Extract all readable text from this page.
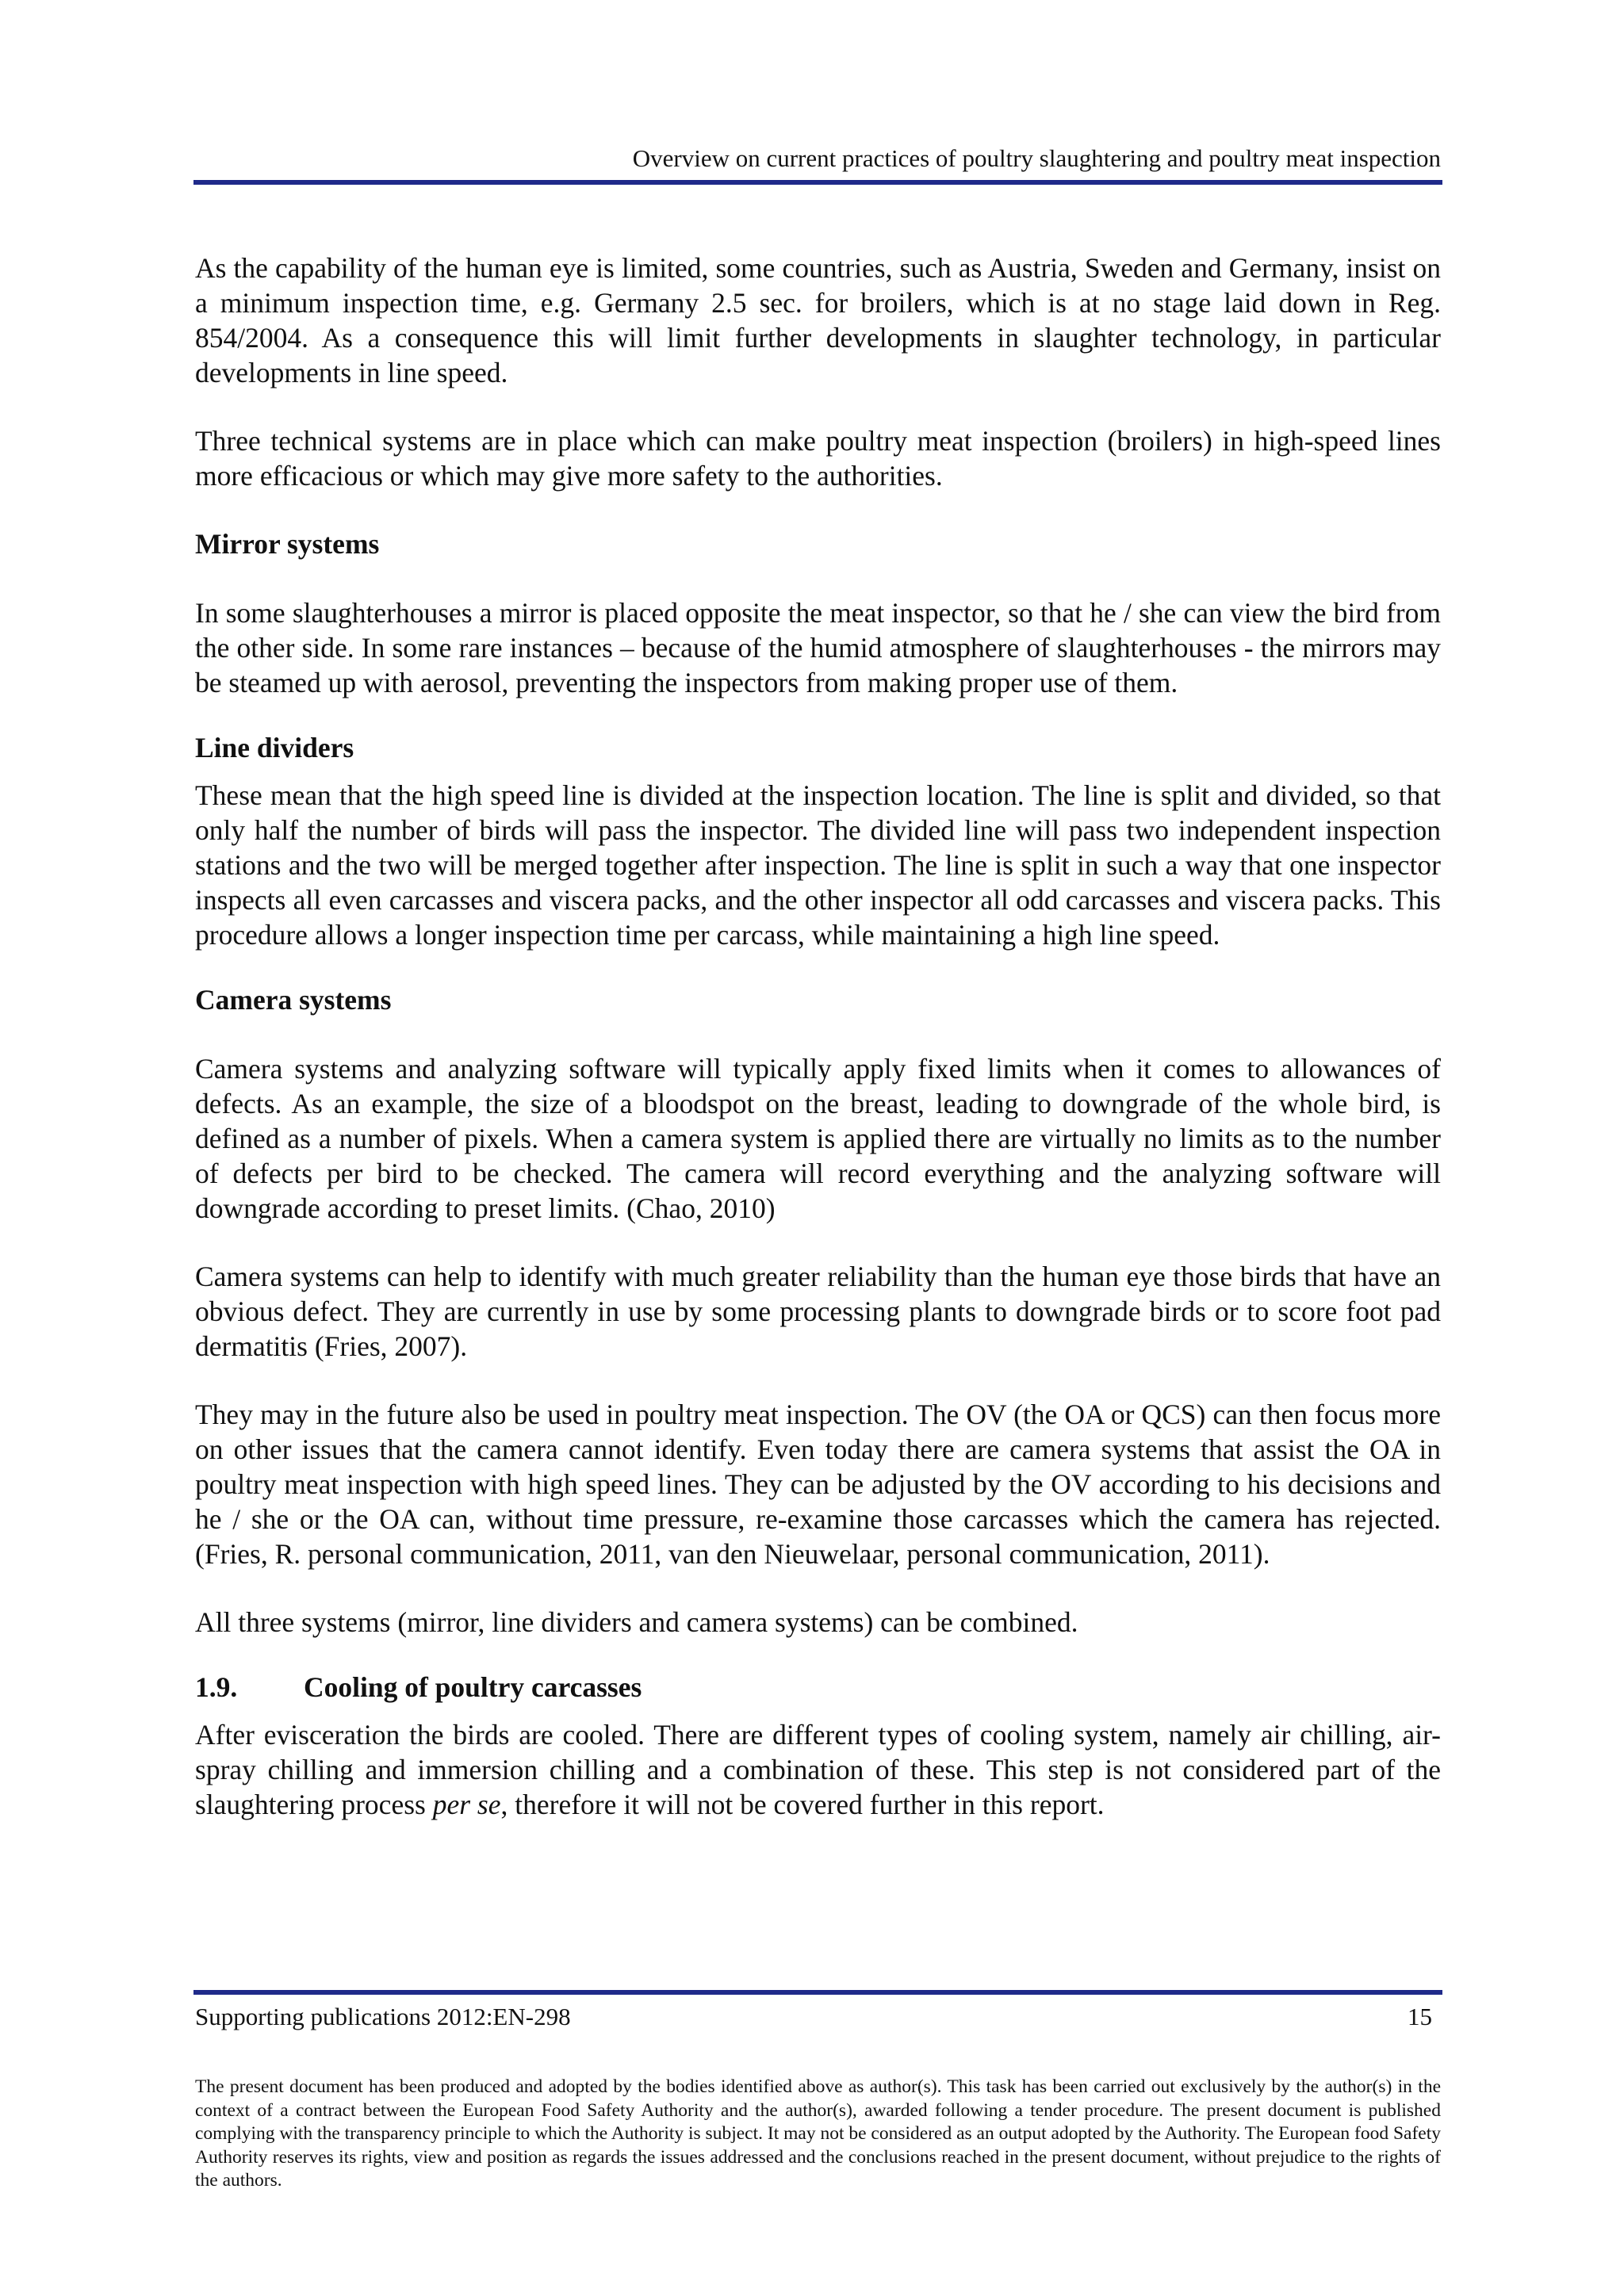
Overview on current practices of poultry slaughtering and poultry meat inspection

As the capability of the human eye is limited, some countries, such as Austria, Sweden and Germany, insist on a minimum inspection time, e.g. Germany 2.5 sec. for broilers, which is at no stage laid down in Reg. 854/2004. As a consequence this will limit further developments in slaughter technology, in particular developments in line speed.

Three technical systems are in place which can make poultry meat inspection (broilers) in high-speed lines more efficacious or which may give more safety to the authorities.

Mirror systems

In some slaughterhouses a mirror is placed opposite the meat inspector, so that he / she can view the bird from the other side. In some rare instances – because of the humid atmosphere of slaughterhouses - the mirrors may be steamed up with aerosol, preventing the inspectors from making proper use of them.

Line dividers

These mean that the high speed line is divided at the inspection location. The line is split and divided, so that only half the number of birds will pass the inspector. The divided line will pass two independent inspection stations and the two will be merged together after inspection. The line is split in such a way that one inspector inspects all even carcasses and viscera packs, and the other inspector all odd carcasses and viscera packs. This procedure allows a longer inspection time per carcass, while maintaining a high line speed.

Camera systems

Camera systems and analyzing software will typically apply fixed limits when it comes to allowances of defects. As an example, the size of a bloodspot on the breast, leading to downgrade of the whole bird, is defined as a number of pixels. When a camera system is applied there are virtually no limits as to the number of defects per bird to be checked. The camera will record everything and the analyzing software will downgrade according to preset limits. (Chao, 2010)

Camera systems can help to identify with much greater reliability than the human eye those birds that have an obvious defect. They are currently in use by some processing plants to downgrade birds or to score foot pad dermatitis (Fries, 2007).

They may in the future also be used in poultry meat inspection. The OV (the OA or QCS) can then focus more on other issues that the camera cannot identify. Even today there are camera systems that assist the OA in poultry meat inspection with high speed lines. They can be adjusted by the OV according to his decisions and he / she or the OA can, without time pressure, re-examine those carcasses which the camera has rejected. (Fries, R. personal communication, 2011, van den Nieuwelaar, personal communication, 2011).

All three systems (mirror, line dividers and camera systems) can be combined.

1.9.	Cooling of poultry carcasses

After evisceration the birds are cooled. There are different types of cooling system, namely air chilling, air-spray chilling and immersion chilling and a combination of these. This step is not considered part of the slaughtering process per se, therefore it will not be covered further in this report.

Supporting publications 2012:EN-298	15
The present document has been produced and adopted by the bodies identified above as author(s). This task has been carried out exclusively by the author(s) in the context of a contract between the European Food Safety Authority and the author(s), awarded following a tender procedure. The present document is published complying with the transparency principle to which the Authority is subject. It may not be considered as an output adopted by the Authority. The European food Safety Authority reserves its rights, view and position as regards the issues addressed and the conclusions reached in the present document, without prejudice to the rights of the authors.
